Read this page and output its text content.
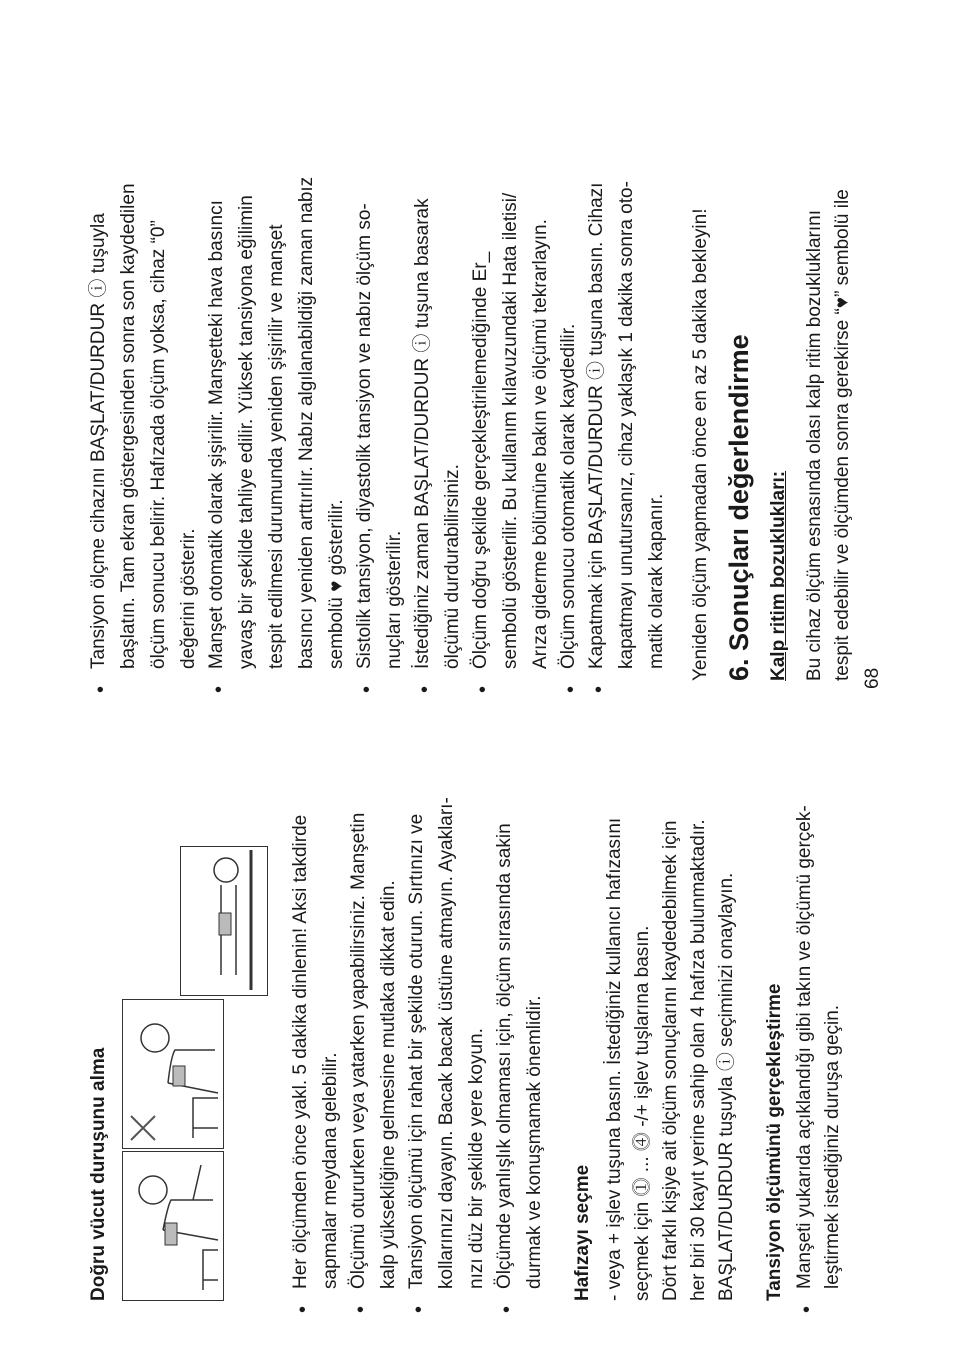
Doğru vücut duruşunu alma
•
Her ölçümden önce yakl. 5 dakika dinlenin! Aksi takdirde sapmalar meydana gelebilir.
•
Ölçümü otururken veya yatarken yapabilirsiniz. Manşetin kalp yüksekliğine gelmesine mutlaka dikkat edin.
•
Tansiyon ölçümü için rahat bir şekilde oturun. Sırtınızı ve kollarınızı dayayın. Bacak bacak üstüne atmayın. Ayakları- nızı düz bir şekilde yere koyun.
•
Ölçümde yanlışlık olmaması için, ölçüm sırasında sakin durmak ve konuşmamak önemlidir. Hafızayı seçme - veya + işlev tuşuna basın. İstediğiniz kullanıcı hafızasını seçmek için ⓵ ... ⓸ -/+ işlev tuşlarına basın. Dört farklı kişiye ait ölçüm sonuçlarını kaydedebilmek için her biri 30 kayıt yerine sahip olan 4 hafıza bulunmaktadır. BAŞLAT/DURDUR tuşuyla ⓘ seçiminizi onaylayın. Tansiyon ölçümünü gerçekleştirme
•
Manşeti yukarıda açıklandığı gibi takın ve ölçümü gerçek- leştirmek istediğiniz duruşa geçin.
•
Tansiyon ölçme cihazını BAŞLAT/DURDUR ⓘ tuşuyla başlatın. Tam ekran göstergesinden sonra son kaydedilen ölçüm sonucu belirir. Hafızada ölçüm yoksa, cihaz “0” değerini gösterir.
•
Manşet otomatik olarak şişirilir. Manşetteki hava basıncı yavaş bir şekilde tahliye edilir. Yüksek tansiyona eğilimin tespit edilmesi durumunda yeniden şişirilir ve manşet basıncı yeniden arttırılır. Nabız algılanabildiği zaman nabız sembolü ♥ gösterilir.
•
Sistolik tansiyon, diyastolik tansiyon ve nabız ölçüm so- nuçları gösterilir.
•
İstediğiniz zaman BAŞLAT/DURDUR ⓘ tuşuna basarak ölçümü durdurabilirsiniz.
•
Ölçüm doğru şekilde gerçekleştirilemediğinde Er_ sembolü gösterilir. Bu kullanım kılavuzundaki Hata iletisi/ Arıza giderme bölümüne bakın ve ölçümü tekrarlayın.
•
Ölçüm sonucu otomatik olarak kaydedilir.
•
Kapatmak için BAŞLAT/DURDUR ⓘ tuşuna basın. Cihazı kapatmayı unutursanız, cihaz yaklaşık 1 dakika sonra oto- matik olarak kapanır. Yeniden ölçüm yapmadan önce en az 5 dakika bekleyin! 6. Sonuçları değerlendirme Kalp ritim bozuklukları: Bu cihaz ölçüm esnasında olası kalp ritim bozukluklarını tespit edebilir ve ölçümden sonra gerekirse “♥” sembolü ile 68
